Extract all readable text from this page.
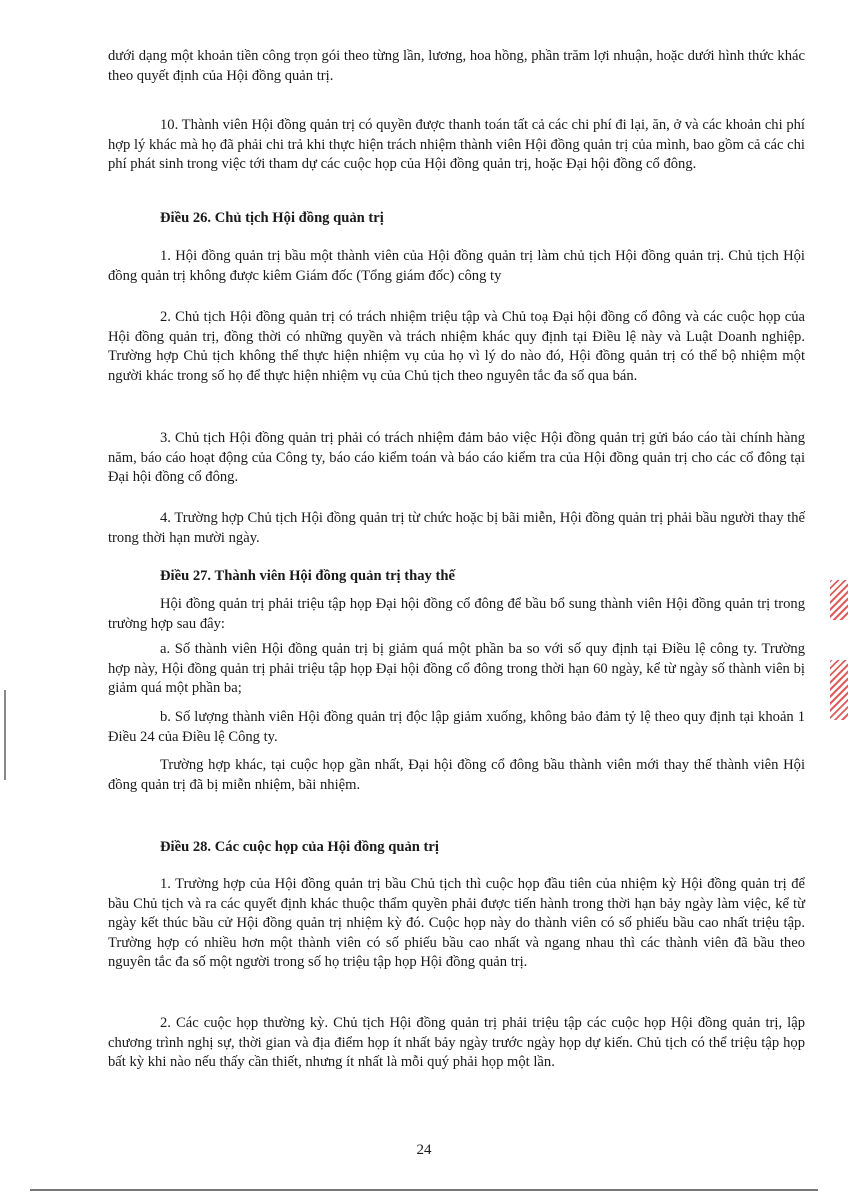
dưới dạng một khoản tiền công trọn gói theo từng lần, lương, hoa hồng, phần trăm lợi nhuận, hoặc dưới hình thức khác theo quyết định của Hội đồng quản trị.

10. Thành viên Hội đồng quản trị có quyền được thanh toán tất cả các chi phí đi lại, ăn, ở và các khoản chi phí hợp lý khác mà họ đã phải chi trả khi thực hiện trách nhiệm thành viên Hội đồng quản trị của mình, bao gồm cả các chi phí phát sinh trong việc tới tham dự các cuộc họp của Hội đồng quản trị, hoặc Đại hội đồng cổ đông.

Điều 26. Chủ tịch Hội đồng quản trị

1. Hội đồng quản trị bầu một thành viên của Hội đồng quản trị làm chủ tịch Hội đồng quản trị. Chủ tịch Hội đồng quản trị không được kiêm Giám đốc (Tổng giám đốc) công ty

2. Chủ tịch Hội đồng quản trị có trách nhiệm triệu tập và Chủ toạ Đại hội đồng cổ đông và các cuộc họp của Hội đồng quản trị, đồng thời có những quyền và trách nhiệm khác quy định tại Điều lệ này và Luật Doanh nghiệp. Trường hợp Chủ tịch không thể thực hiện nhiệm vụ của họ vì lý do nào đó, Hội đồng quản trị có thể bộ nhiệm một người khác trong số họ để thực hiện nhiệm vụ của Chủ tịch theo nguyên tắc đa số qua bán.

3. Chủ tịch Hội đồng quản trị phải có trách nhiệm đảm bảo việc Hội đồng quản trị gửi báo cáo tài chính hàng năm, báo cáo hoạt động của Công ty, báo cáo kiểm toán và báo cáo kiểm tra của Hội đồng quản trị cho các cổ đông tại Đại hội đồng cổ đông.

4. Trường hợp Chủ tịch Hội đồng quản trị từ chức hoặc bị bãi miễn, Hội đồng quản trị phải bầu người thay thế trong thời hạn mười ngày.

Điều 27. Thành viên Hội đồng quản trị thay thế

Hội đồng quản trị phải triệu tập họp Đại hội đồng cổ đông để bầu bổ sung thành viên Hội đồng quản trị trong trường hợp sau đây:

a. Số thành viên Hội đồng quản trị bị giảm quá một phần ba so với số quy định tại Điều lệ công ty. Trường hợp này, Hội đồng quản trị phải triệu tập họp Đại hội đồng cổ đông trong thời hạn 60 ngày, kể từ ngày số thành viên bị giảm quá một phần ba;

b. Số lượng thành viên Hội đồng quản trị độc lập giảm xuống, không bảo đảm tỷ lệ theo quy định tại khoản 1 Điều 24 của Điều lệ Công ty.

Trường hợp khác, tại cuộc họp gần nhất, Đại hội đồng cổ đông bầu thành viên mới thay thế thành viên Hội đồng quản trị đã bị miễn nhiệm, bãi nhiệm.

Điều 28. Các cuộc họp của Hội đồng quản trị

1. Trường hợp của Hội đồng quản trị bầu Chủ tịch thì cuộc họp đầu tiên của nhiệm kỳ Hội đồng quản trị để bầu Chủ tịch và ra các quyết định khác thuộc thẩm quyền phải được tiến hành trong thời hạn bảy ngày làm việc, kể từ ngày kết thúc bầu cử Hội đồng quản trị nhiệm kỳ đó. Cuộc họp này do thành viên có số phiếu bầu cao nhất triệu tập. Trường hợp có nhiều hơn một thành viên có số phiếu bầu cao nhất và ngang nhau thì các thành viên đã bầu theo nguyên tắc đa số một người trong số họ triệu tập họp Hội đồng quản trị.

2. Các cuộc họp thường kỳ. Chủ tịch Hội đồng quản trị phải triệu tập các cuộc họp Hội đồng quản trị, lập chương trình nghị sự, thời gian và địa điểm họp ít nhất bảy ngày trước ngày họp dự kiến. Chủ tịch có thể triệu tập họp bất kỳ khi nào nếu thấy cần thiết, nhưng ít nhất là mỗi quý phải họp một lần.

24
